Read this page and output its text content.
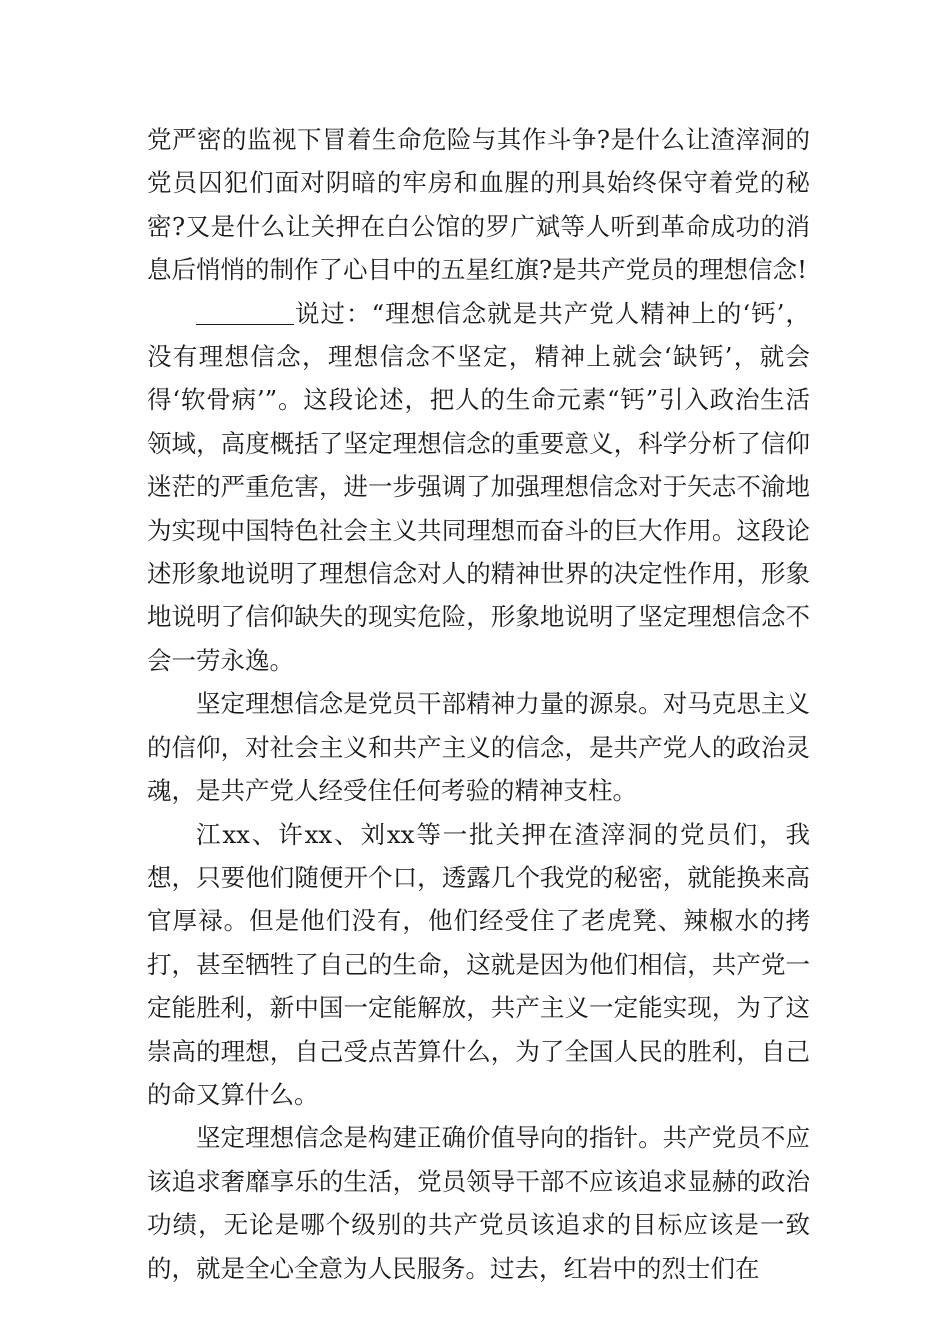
党严密的监视下冒着生命危险与其作斗争?是什么让渣滓洞的党员囚犯们面对阴暗的牢房和血腥的刑具始终保守着党的秘密?又是什么让关押在白公馆的罗广斌等人听到革命成功的消息后悄悄的制作了心目中的五星红旗?是共产党员的理想信念!

说过：“理想信念就是共产党人精神上的‘钙’，没有理想信念，理想信念不坚定，精神上就会‘缺钙’，就会得‘软骨病’”。这段论述，把人的生命元素“钙”引入政治生活领域，高度概括了坚定理想信念的重要意义，科学分析了信仰迷茫的严重危害，进一步强调了加强理想信念对于矢志不渝地为实现中国特色社会主义共同理想而奋斗的巨大作用。这段论述形象地说明了理想信念对人的精神世界的决定性作用，形象地说明了信仰缺失的现实危险，形象地说明了坚定理想信念不会一劳永逸。

坚定理想信念是党员干部精神力量的源泉。对马克思主义的信仰，对社会主义和共产主义的信念，是共产党人的政治灵魂，是共产党人经受住任何考验的精神支柱。

江xx、许xx、刘xx等一批关押在渣滓洞的党员们，我想，只要他们随便开个口，透露几个我党的秘密，就能换来高官厚禄。但是他们没有，他们经受住了老虎凳、辣椒水的拷打，甚至牺牲了自己的生命，这就是因为他们相信，共产党一定能胜利，新中国一定能解放，共产主义一定能实现，为了这崇高的理想，自己受点苦算什么，为了全国人民的胜利，自己的命又算什么。

坚定理想信念是构建正确价值导向的指针。共产党员不应该追求奢靡享乐的生活，党员领导干部不应该追求显赫的政治功绩，无论是哪个级别的共产党员该追求的目标应该是一致的，就是全心全意为人民服务。过去，红岩中的烈士们在
